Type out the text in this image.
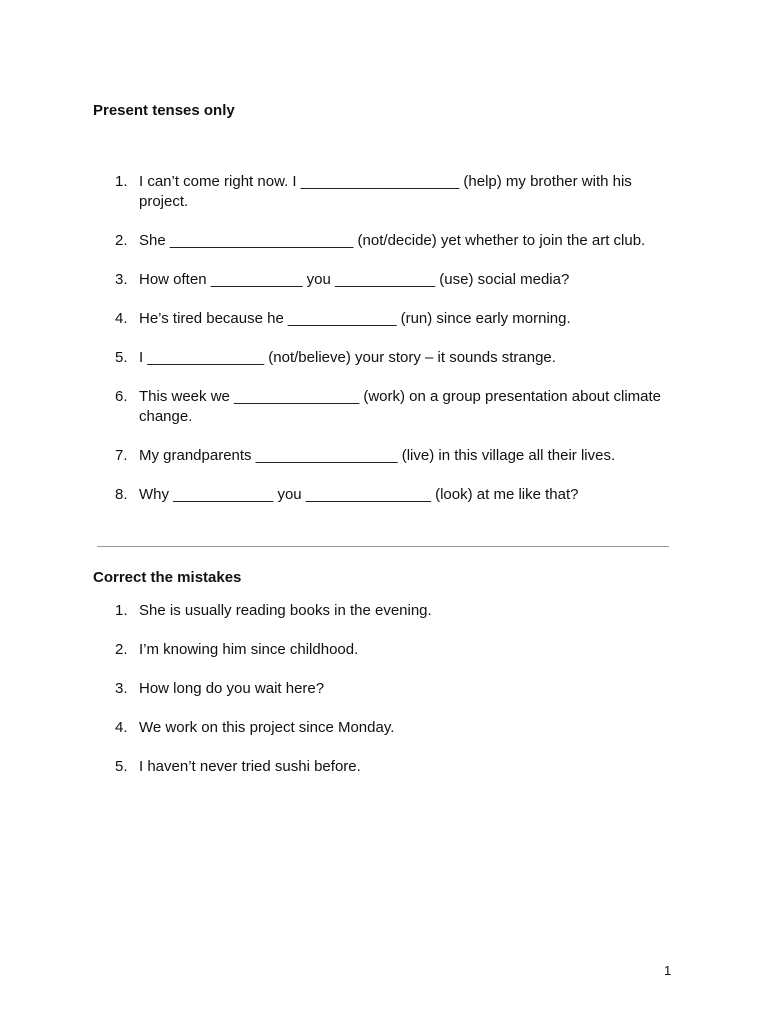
Present tenses only
1. I can’t come right now. I ___________________ (help) my brother with his project.
2. She ______________________ (not/decide) yet whether to join the art club.
3. How often ___________ you ____________ (use) social media?
4. He’s tired because he _____________ (run) since early morning.
5. I ______________ (not/believe) your story – it sounds strange.
6. This week we _______________ (work) on a group presentation about climate change.
7. My grandparents _________________ (live) in this village all their lives.
8. Why ____________ you _______________ (look) at me like that?
Correct the mistakes
1. She is usually reading books in the evening.
2. I’m knowing him since childhood.
3. How long do you wait here?
4. We work on this project since Monday.
5. I haven’t never tried sushi before.
1
